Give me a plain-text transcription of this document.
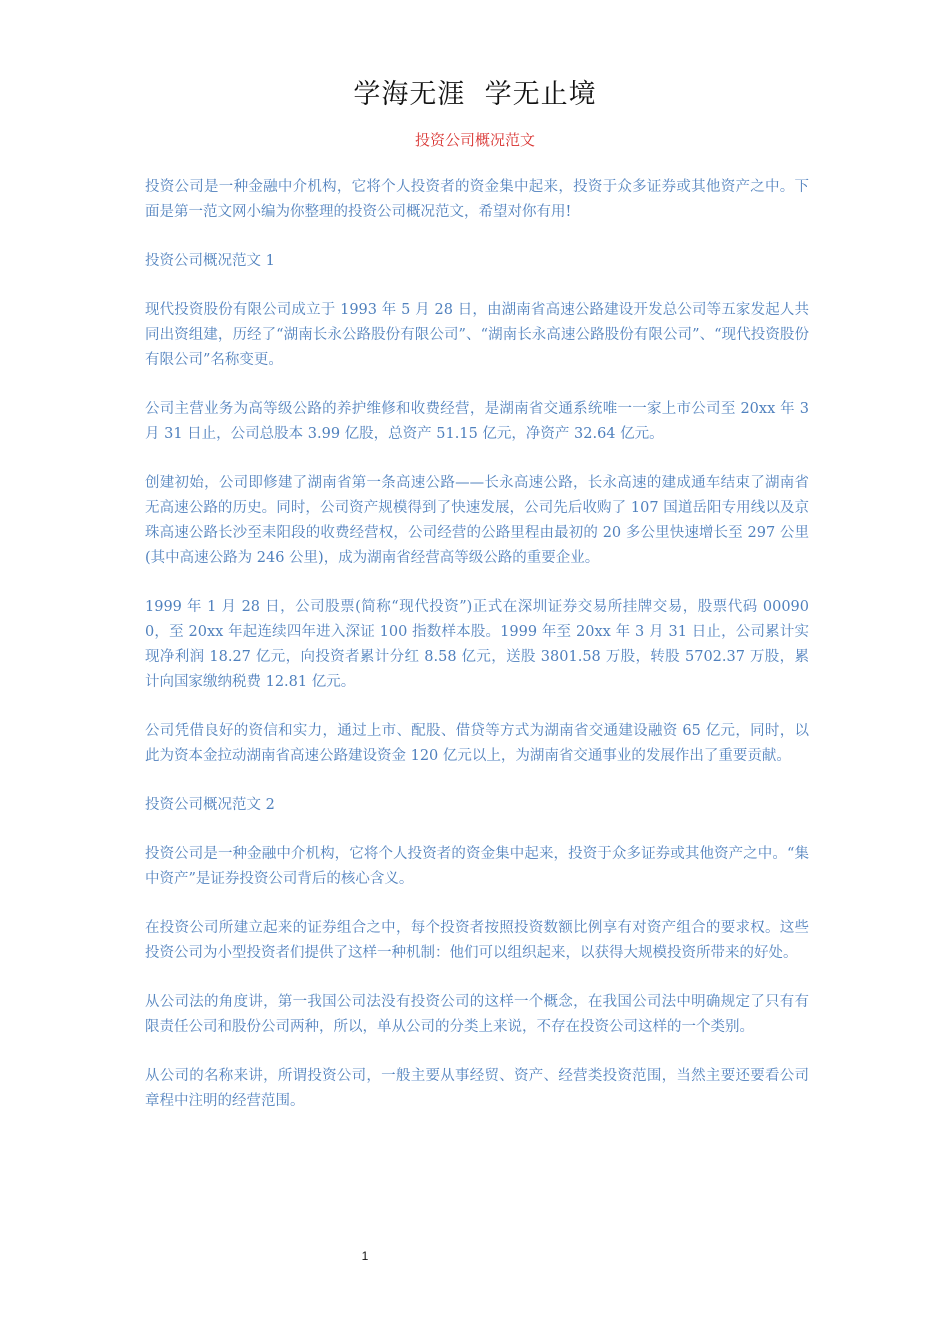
学海无涯  学无止境
投资公司概况范文

投资公司是一种金融中介机构，它将个人投资者的资金集中起来，投资于众多证券或其他资产之中。下面是第一范文网小编为你整理的投资公司概况范文，希望对你有用!

投资公司概况范文 1

现代投资股份有限公司成立于 1993 年 5 月 28 日，由湖南省高速公路建设开发总公司等五家发起人共同出资组建，历经了“湖南长永公路股份有限公司”、“湖南长永高速公路股份有限公司”、“现代投资股份有限公司”名称变更。

公司主营业务为高等级公路的养护维修和收费经营，是湖南省交通系统唯一一家上市公司至 20xx 年 3 月 31 日止，公司总股本 3.99 亿股，总资产 51.15 亿元，净资产 32.64 亿元。

创建初始，公司即修建了湖南省第一条高速公路——长永高速公路，长永高速的建成通车结束了湖南省无高速公路的历史。同时，公司资产规模得到了快速发展，公司先后收购了 107 国道岳阳专用线以及京珠高速公路长沙至耒阳段的收费经营权，公司经营的公路里程由最初的 20 多公里快速增长至 297 公里(其中高速公路为 246 公里)，成为湖南省经营高等级公路的重要企业。

1999 年 1 月 28 日，公司股票(简称“现代投资”)正式在深圳证券交易所挂牌交易，股票代码 000900，至 20xx 年起连续四年进入深证 100 指数样本股。1999 年至 20xx 年 3 月 31 日止，公司累计实现净利润 18.27 亿元，向投资者累计分红 8.58 亿元，送股 3801.58 万股，转股 5702.37 万股，累计向国家缴纳税费 12.81 亿元。

公司凭借良好的资信和实力，通过上市、配股、借贷等方式为湖南省交通建设融资 65 亿元，同时，以此为资本金拉动湖南省高速公路建设资金 120 亿元以上，为湖南省交通事业的发展作出了重要贡献。

投资公司概况范文 2

投资公司是一种金融中介机构，它将个人投资者的资金集中起来，投资于众多证券或其他资产之中。“集中资产”是证券投资公司背后的核心含义。

在投资公司所建立起来的证券组合之中，每个投资者按照投资数额比例享有对资产组合的要求权。这些投资公司为小型投资者们提供了这样一种机制：他们可以组织起来，以获得大规模投资所带来的好处。

从公司法的角度讲，第一我国公司法没有投资公司的这样一个概念，在我国公司法中明确规定了只有有限责任公司和股份公司两种，所以，单从公司的分类上来说，不存在投资公司这样的一个类别。

从公司的名称来讲，所谓投资公司，一般主要从事经贸、资产、经营类投资范围，当然主要还要看公司章程中注明的经营范围。

1
